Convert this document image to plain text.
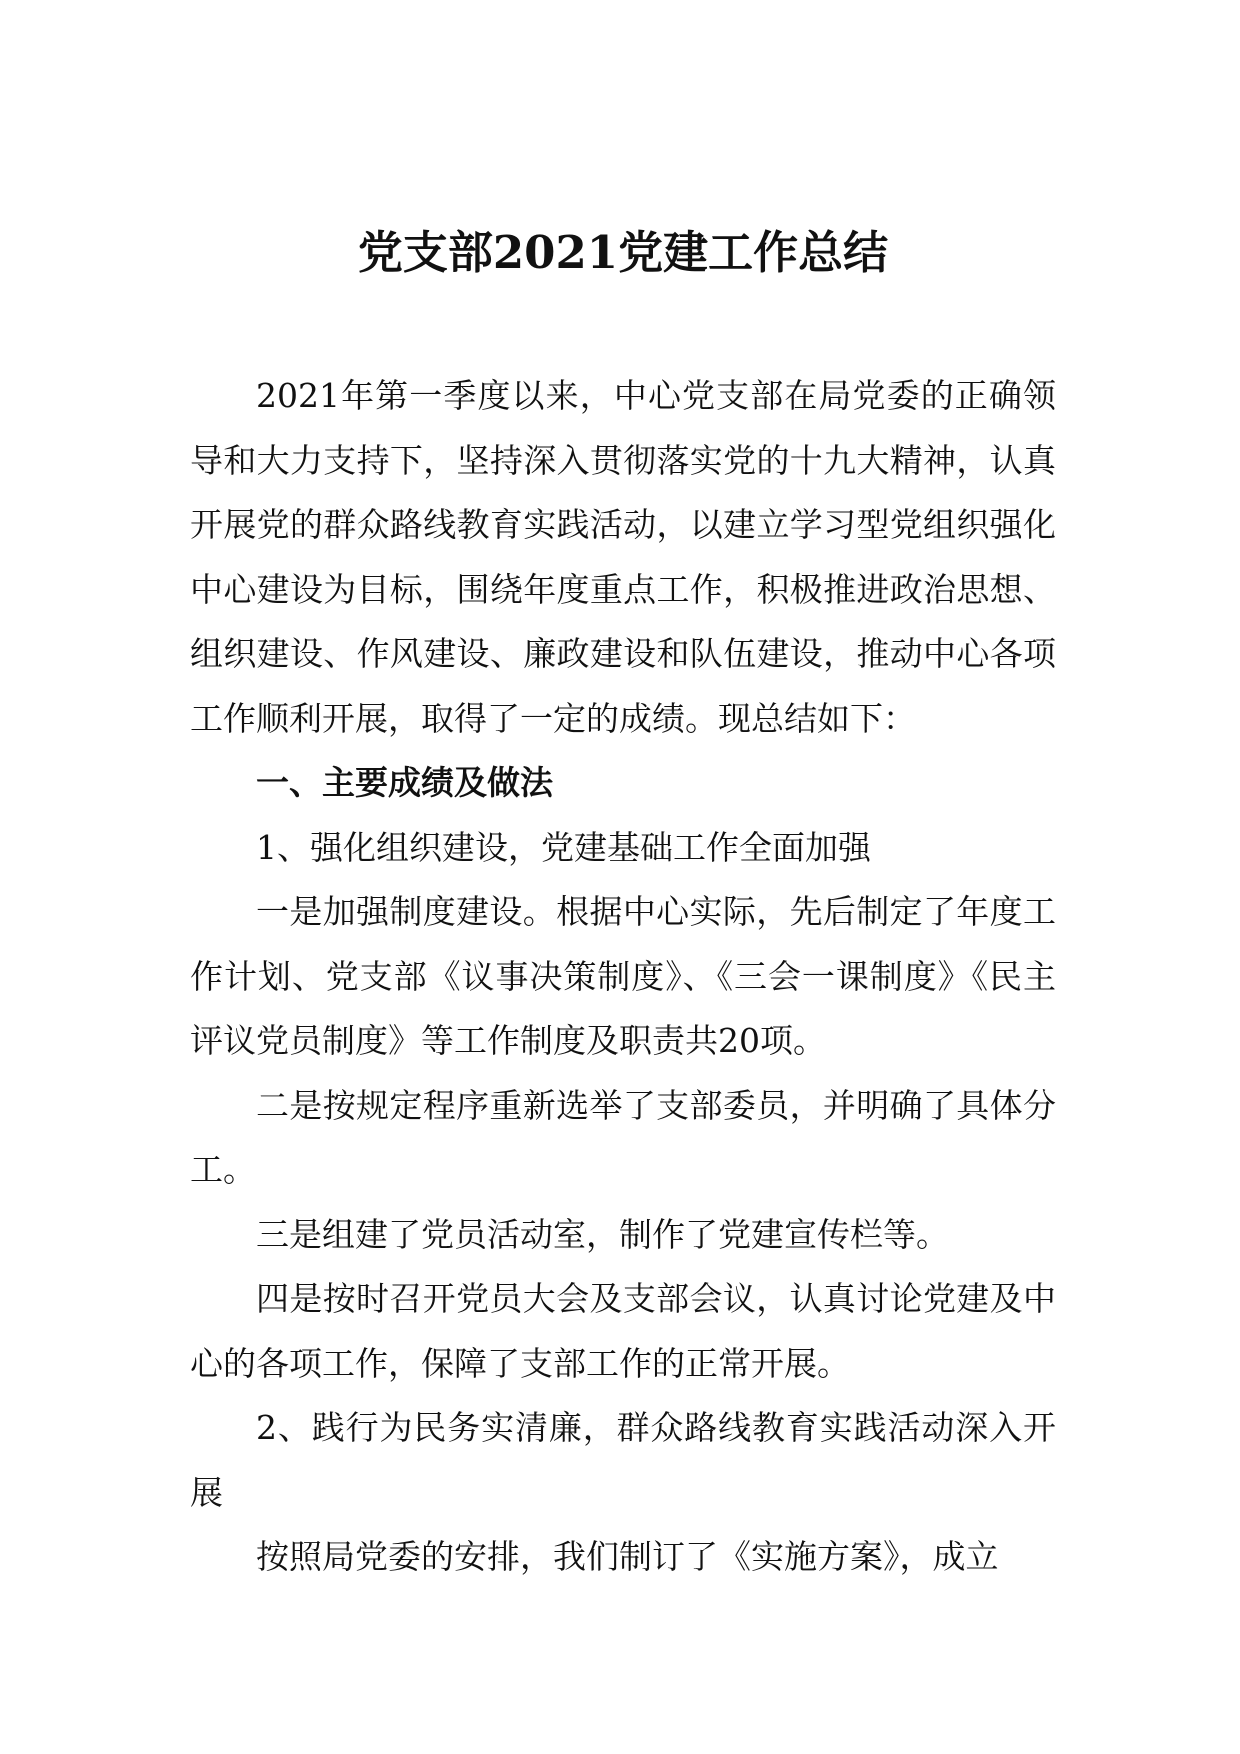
党支部2021党建工作总结

2021年第一季度以来，中心党支部在局党委的正确领导和大力支持下，坚持深入贯彻落实党的十九大精神，认真开展党的群众路线教育实践活动，以建立学习型党组织强化中心建设为目标，围绕年度重点工作，积极推进政治思想、组织建设、作风建设、廉政建设和队伍建设，推动中心各项工作顺利开展，取得了一定的成绩。现总结如下：

一、主要成绩及做法

1、强化组织建设，党建基础工作全面加强

一是加强制度建设。根据中心实际，先后制定了年度工作计划、党支部《议事决策制度》、《三会一课制度》《民主评议党员制度》等工作制度及职责共20项。

二是按规定程序重新选举了支部委员，并明确了具体分工。

三是组建了党员活动室，制作了党建宣传栏等。

四是按时召开党员大会及支部会议，认真讨论党建及中心的各项工作，保障了支部工作的正常开展。

2、践行为民务实清廉，群众路线教育实践活动深入开展

按照局党委的安排，我们制订了《实施方案》，成立
